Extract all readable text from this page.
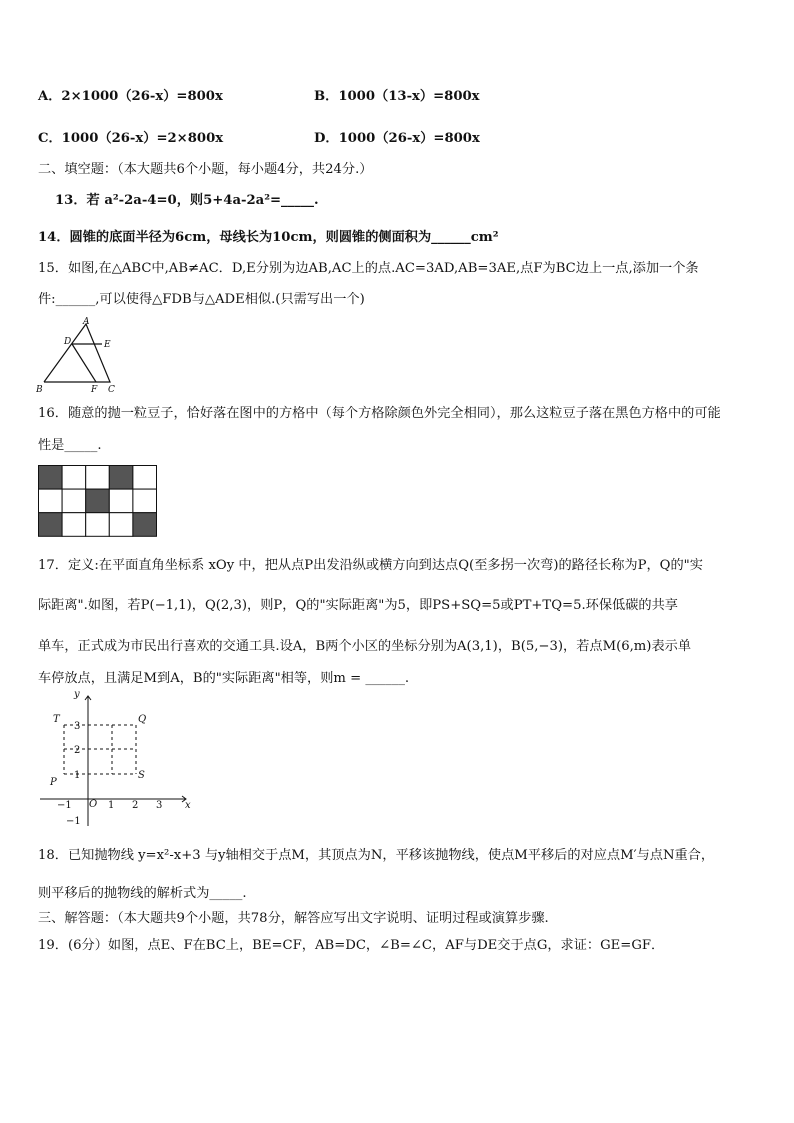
A．2×1000（26-x）=800x	B．1000（13-x）=800x
C．1000（26-x）=2×800x	D．1000（26-x）=800x
二、填空题：（本大题共6个小题，每小题4分，共24分.）
13．若 a²-2a-4=0，则5+4a-2a²=_____.
14．圆锥的底面半径为6cm，母线长为10cm，则圆锥的侧面积为______cm²
15．如图,在△ABC中,AB≠AC．D,E分别为边AB,AC上的点.AC=3AD,AB=3AE,点F为BC边上一点,添加一个条
件:______,可以使得△FDB与△ADE相似.(只需写出一个)
A
B	C
D	E
F
16．随意的抛一粒豆子，恰好落在图中的方格中（每个方格除颜色外完全相同），那么这粒豆子落在黑色方格中的可能
性是_____.
17．定义:在平面直角坐标系 xOy 中，把从点P出发沿纵或横方向到达点Q(至多拐一次弯)的路径长称为P，Q的"实
际距离".如图，若P(−1,1)，Q(2,3)，则P，Q的"实际距离"为5，即PS+SQ=5或PT+TQ=5.环保低碳的共享
单车，正式成为市民出行喜欢的交通工具.设A，B两个小区的坐标分别为A(3,1)，B(5,−3)，若点M(6,m)表示单
车停放点，且满足M到A，B的"实际距离"相等，则m = ______.
y
x
O
−1	1 2 3
3
2
1
−1
T	Q
P
S
18．已知抛物线 y=x²-x+3 与y轴相交于点M，其顶点为N，平移该抛物线，使点M平移后的对应点M′与点N重合，
则平移后的抛物线的解析式为_____.
三、解答题：（本大题共9个小题，共78分，解答应写出文字说明、证明过程或演算步骤.
19．(6分）如图，点E、F在BC上，BE=CF，AB=DC，∠B=∠C，AF与DE交于点G，求证：GE=GF．
